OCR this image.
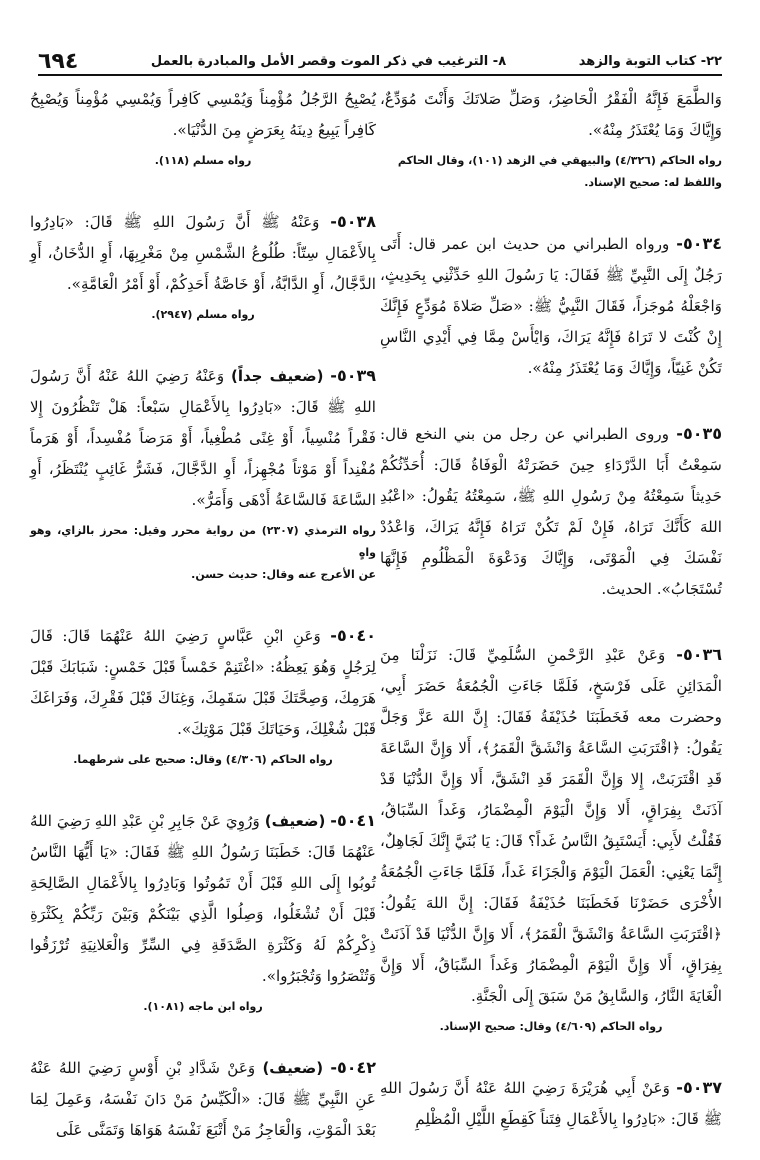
٢٢- كتاب التوبة والزهد
٨- الترغيب في ذكر الموت وقصر الأمل والمبادرة بالعمل
٦٩٤

وَالطَّمَعَ فَإِنَّهُ الْفَقْرُ الْحَاضِرُ، وَصَلِّ صَلاتَكَ وَأَنْتَ مُوَدِّعٌ، وَإِيَّاكَ وَمَا يُعْتَذَرُ مِنْهُ».

رواه الحاكم (٤/٣٢٦) والبيهقي في الزهد (١٠١)، وقال الحاكم
واللفظ له: صحيح الإسناد.

٥٠٣٤- ورواه الطبراني من حديث ابن عمر قال: أَتَى رَجُلٌ إِلَى النَّبِيِّ ﷺ فَقَالَ: يَا رَسُولَ اللهِ حَدِّثْنِي بِحَدِيثٍ، وَاجْعَلْهُ مُوجَزاً، فَقَالَ النَّبِيُّ ﷺ: «صَلِّ صَلاةَ مُوَدِّعٍ فَإِنَّكَ إِنْ كُنْتَ لا تَرَاهُ فَإِنَّهُ يَرَاكَ، وَايْأَسْ مِمَّا فِي أَيْدِي النَّاسِ تَكُنْ غَنِيّاً، وَإِيَّاكَ وَمَا يُعْتَذَرُ مِنْهُ».

٥٠٣٥- وروى الطبراني عن رجل من بني النخع قال: سَمِعْتُ أَبَا الدَّرْدَاءِ حِينَ حَضَرَتْهُ الْوَفَاةُ قَالَ: أُحَدِّثُكُمْ حَدِيثاً سَمِعْتُهُ مِنْ رَسُولِ اللهِ ﷺ، سَمِعْتُهُ يَقُولُ: «اعْبُدِ اللهَ كَأَنَّكَ تَرَاهُ، فَإِنْ لَمْ تَكُنْ تَرَاهُ فَإِنَّهُ يَرَاكَ، وَاعْدُدْ نَفْسَكَ فِي الْمَوْتَى، وَإِيَّاكَ وَدَعْوَةَ الْمَظْلُومِ فَإِنَّهَا تُسْتَجَابُ». الحديث.

٥٠٣٦- وَعَنْ عَبْدِ الرَّحْمنِ السُّلَمِيِّ قَالَ: نَزَلْنَا مِنَ الْمَدَائِنِ عَلَى فَرْسَخٍ، فَلَمَّا جَاءَتِ الْجُمُعَةُ حَضَرَ أَبِي، وحضرت معه فَخَطَبَنَا حُذَيْفَةُ فَقَالَ: إِنَّ اللهَ عَزَّ وَجَلَّ يَقُولُ: ﴿اقْتَرَبَتِ السَّاعَةُ وَانْشَقَّ الْقَمَرُ﴾، أَلا وَإِنَّ السَّاعَةَ قَدِ اقْتَرَبَتْ، إِلا وَإِنَّ الْقَمَرَ قَدِ انْشَقَّ، أَلا وَإِنَّ الدُّنْيَا قَدْ آذَنَتْ بِفِرَاقٍ، أَلا وَإِنَّ الْيَوْمَ الْمِضْمَارُ، وَغَداً السِّبَاقُ، فَقُلْتُ لأَبِي: أَيَسْتَبِقُ النَّاسُ غَداً؟ قَالَ: يَا بُنَيَّ إِنَّكَ لَجَاهِلٌ، إِنَّمَا يَعْنِي: الْعَمَلَ الْيَوْمَ وَالْجَزَاءَ غَداً، فَلَمَّا جَاءَتِ الْجُمُعَةُ الأُخْرَى حَضَرْنَا فَخَطَبَنَا حُذَيْفَةُ فَقَالَ: إِنَّ اللهَ يَقُولُ: ﴿اقْتَرَبَتِ السَّاعَةُ وَانْشَقَّ الْقَمَرُ﴾، أَلا وَإِنَّ الدُّنْيَا قَدْ آذَنَتْ بِفِرَاقٍ، أَلا وَإِنَّ الْيَوْمَ الْمِضْمَارُ وَغَداً السِّبَاقُ، أَلا وَإِنَّ الْغَايَةَ النَّارُ، وَالسَّابِقُ مَنْ سَبَقَ إِلَى الْجَنَّةِ.

رواه الحاكم (٤/٦٠٩) وقال: صحيح الإسناد.

٥٠٣٧- وَعَنْ أَبِي هُرَيْرَةَ رَضِيَ اللهُ عَنْهُ أَنَّ رَسُولَ اللهِ ﷺ قَالَ: «بَادِرُوا بِالأَعْمَالِ فِتَناً كَقِطَعِ اللَّيْلِ الْمُظْلِمِ

يُصْبِحُ الرَّجُلُ مُؤْمِناً وَيُمْسِي كَافِراً وَيُمْسِي مُؤْمِناً وَيُصْبِحُ كَافِراً يَبِيعُ دِينَهُ بِعَرَضٍ مِنَ الدُّنْيَا».

رواه مسلم (١١٨).

٥٠٣٨- وَعَنْهُ ﷺ أَنَّ رَسُولَ اللهِ ﷺ قَالَ: «بَادِرُوا بِالأَعْمَالِ سِتّاً: طُلُوعُ الشَّمْسِ مِنْ مَغْرِبِهَا، أَوِ الدُّخَانُ، أَوِ الدَّجَّالُ، أَوِ الدَّابَّةُ، أَوْ خَاصَّةُ أَحَدِكُمْ، أَوْ أَمْرُ الْعَامَّةِ».

رواه مسلم (٢٩٤٧).

٥٠٣٩- (ضعيف جداً) وَعَنْهُ رَضِيَ اللهُ عَنْهُ أَنَّ رَسُولَ اللهِ ﷺ قَالَ: «بَادِرُوا بِالأَعْمَالِ سَبْعاً: هَلْ تَنْظُرُونَ إِلا فَقْراً مُنْسِياً، أَوْ غِنًى مُطْغِياً، أَوْ مَرَضاً مُفْسِداً، أَوْ هَرَماً مُفْنِداً أَوْ مَوْتاً مُجْهِزاً، أَوِ الدَّجَّالَ، فَشَرُّ غَائِبٍ يُنْتَظَرُ، أَوِ السَّاعَةَ فَالسَّاعَةُ أَدْهَى وَأَمَرُّ».

رواه الترمذي (٢٣٠٧) من رواية محرر وقيل: محرز بالزاي، وهو واهٍ
عن الأعرج عنه وقال: حديث حسن.

٥٠٤٠- وَعَنِ ابْنِ عَبَّاسٍ رَضِيَ اللهُ عَنْهُمَا قَالَ: قَالَ لِرَجُلٍ وَهُوَ يَعِظُهُ: «اغْتَنِمْ خَمْساً قَبْلَ خَمْسٍ: شَبَابَكَ قَبْلَ هَرَمِكَ، وَصِحَّتَكَ قَبْلَ سَقَمِكَ، وَغِنَاكَ قَبْلَ فَقْرِكَ، وَفَرَاغَكَ قَبْلَ شُغْلِكَ، وَحَيَاتَكَ قَبْلَ مَوْتِكَ».

رواه الحاكم (٤/٣٠٦) وقال: صحيح على شرطهما.

٥٠٤١- (ضعيف) وَرُوِيَ عَنْ جَابِرِ بْنِ عَبْدِ اللهِ رَضِيَ اللهُ عَنْهُمَا قَالَ: خَطَبَنَا رَسُولُ اللهِ ﷺ فَقَالَ: «يَا أَيُّهَا النَّاسُ تُوبُوا إِلَى اللهِ قَبْلَ أَنْ تَمُوتُوا وَبَادِرُوا بِالأَعْمَالِ الصَّالِحَةِ قَبْلَ أَنْ تُشْغَلُوا، وَصِلُوا الَّذِي بَيْنَكُمْ وَبَيْنَ رَبِّكُمْ بِكَثْرَةِ ذِكْرِكُمْ لَهُ وَكَثْرَةِ الصَّدَقَةِ فِي السِّرِّ وَالْعَلانِيَةِ تُرْزَقُوا وَتُنْصَرُوا وَتُجْبَرُوا».

رواه ابن ماجه (١٠٨١).

٥٠٤٢- (ضعيف) وَعَنْ شَدَّادِ بْنِ أَوْسٍ رَضِيَ اللهُ عَنْهُ عَنِ النَّبِيِّ ﷺ قَالَ: «الْكَيِّسُ مَنْ دَانَ نَفْسَهُ، وَعَمِلَ لِمَا بَعْدَ الْمَوْتِ، وَالْعَاجِزُ مَنْ أَتْبَعَ نَفْسَهُ هَوَاهَا وَتَمَنَّى عَلَى
